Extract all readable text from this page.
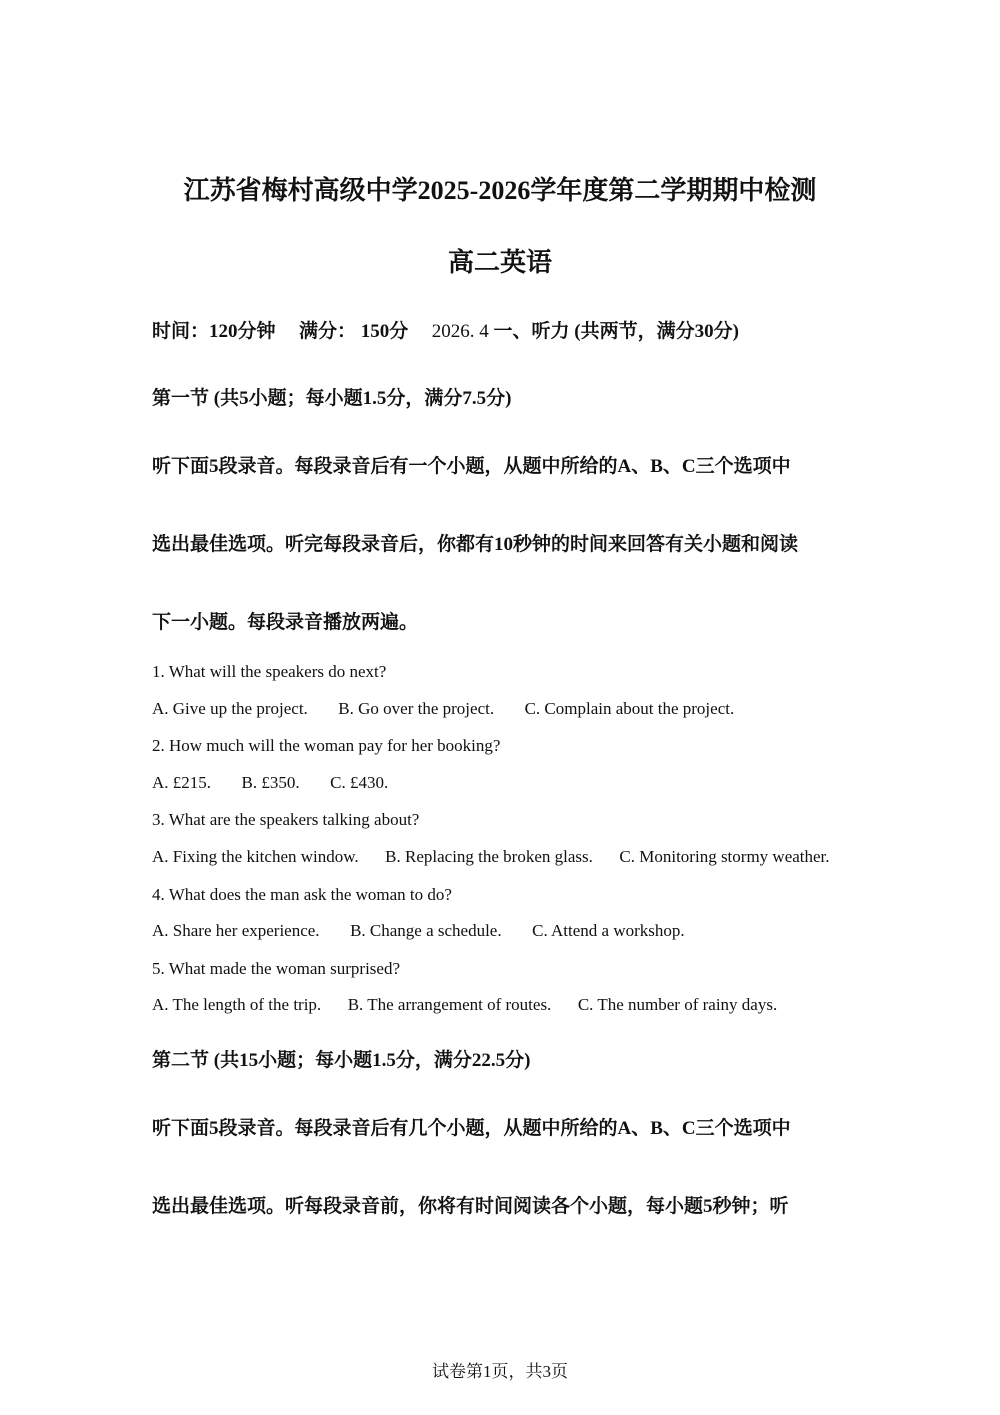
江苏省梅村高级中学2025-2026学年度第二学期期中检测
高二英语
时间：120分钟 满分： 150分 2026. 4 一、听力 (共两节，满分30分)
第一节 (共5小题；每小题1.5分，满分7.5分)
听下面5段录音。每段录音后有一个小题，从题中所给的A、B、C三个选项中
选出最佳选项。听完每段录音后，你都有10秒钟的时间来回答有关小题和阅读
下一小题。每段录音播放两遍。
1. What will the speakers do next?
A. Give up the project. B. Go over the project. C. Complain about the project.
2. How much will the woman pay for her booking?
A. £215. B. £350. C. £430.
3. What are the speakers talking about?
A. Fixing the kitchen window. B. Replacing the broken glass. C. Monitoring stormy weather.
4. What does the man ask the woman to do?
A. Share her experience. B. Change a schedule. C. Attend a workshop.
5. What made the woman surprised?
A. The length of the trip. B. The arrangement of routes. C. The number of rainy days.
第二节 (共15小题；每小题1.5分，满分22.5分)
听下面5段录音。每段录音后有几个小题，从题中所给的A、B、C三个选项中
选出最佳选项。听每段录音前，你将有时间阅读各个小题，每小题5秒钟；听
试卷第1页，共3页
